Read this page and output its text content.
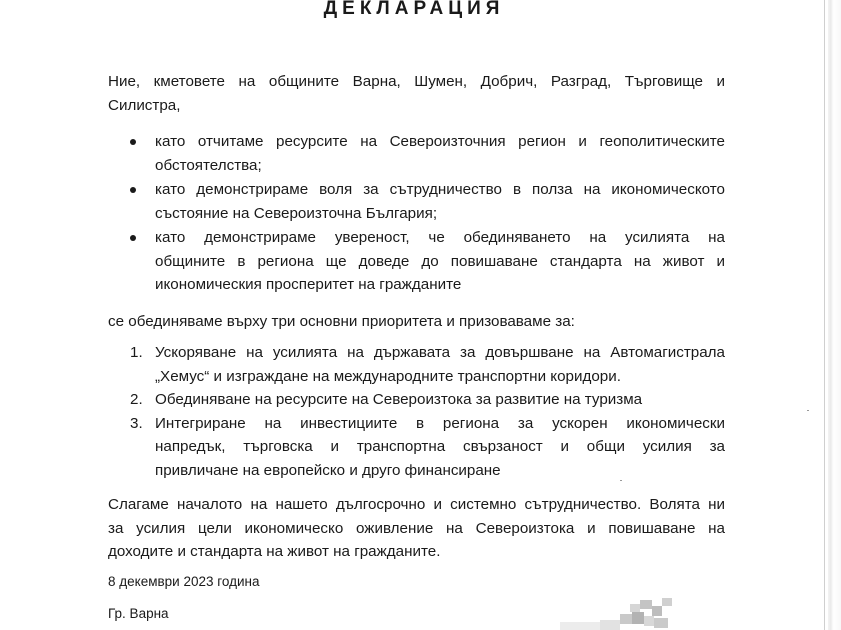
ДЕКЛАРАЦИЯ
Ние, кметовете на общините Варна, Шумен, Добрич, Разград, Търговище и
Силистра,
като отчитаме ресурсите на Североизточния регион и геополитическите
обстоятелства;
като демонстрираме воля за сътрудничество в полза на икономическото
състояние на Североизточна България;
като демонстрираме увереност, че обединяването на усилията на
общините в региона ще доведе до повишаване стандарта на живот и
икономическия просперитет на гражданите
се обединяваме върху три основни приоритета и призоваваме за:
1. Ускоряване на усилията на държавата за довършване на Автомагистрала
„Хемус“ и изграждане на международните транспортни коридори.
2. Обединяване на ресурсите на Североизтока за развитие на туризма
3. Интегриране на инвестициите в региона за ускорен икономически
напредък, търговска и транспортна свързаност и общи усилия за
привличане на европейско и друго финансиране
Слагаме началото на нашето дългосрочно и системно сътрудничество. Волята ни
за усилия цели икономическо оживление на Североизтока и повишаване на
доходите и стандарта на живот на гражданите.
8 декември 2023 година
Гр. Варна
